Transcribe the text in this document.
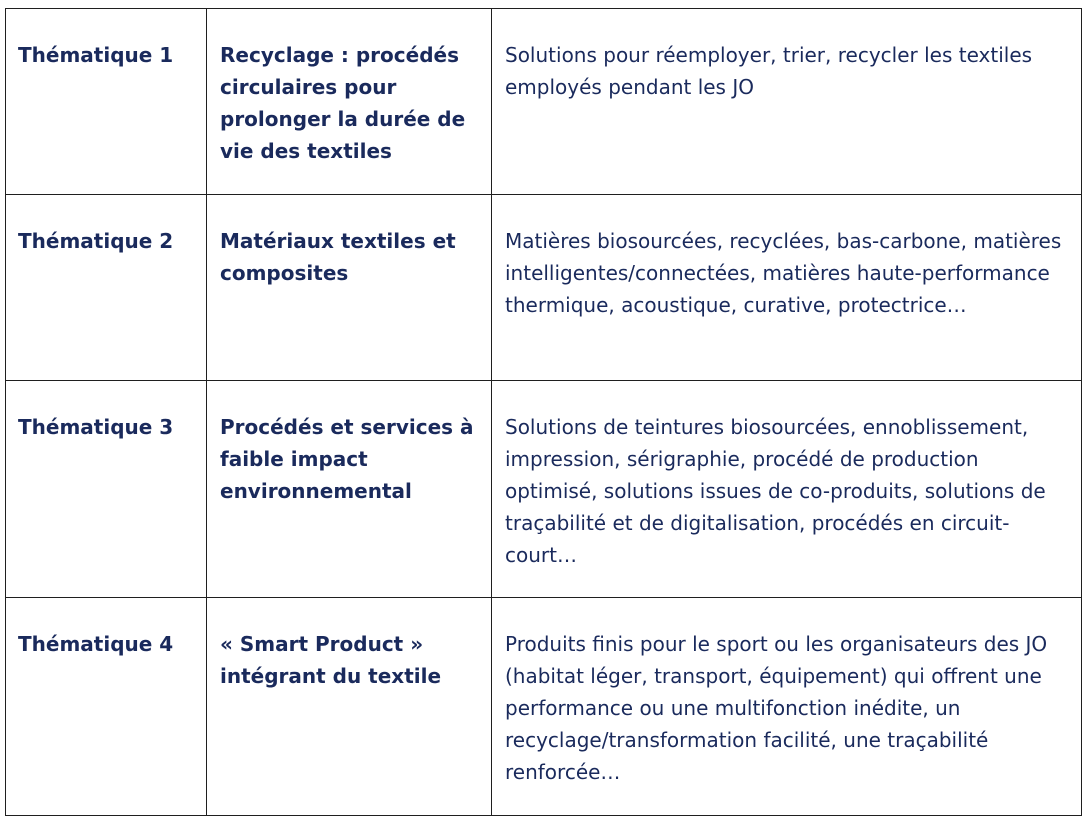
Thématique 1	Recyclage : procédés circulaires pour prolonger la durée de vie des textiles	Solutions pour réemployer, trier, recycler les textiles employés pendant les JO
Thématique 2	Matériaux textiles et composites	Matières biosourcées, recyclées, bas-carbone, matières intelligentes/connectées, matières haute-performance thermique, acoustique, curative, protectrice…
Thématique 3	Procédés et services à faible impact environnemental	Solutions de teintures biosourcées, ennoblissement, impression, sérigraphie, procédé de production optimisé, solutions issues de co-produits, solutions de traçabilité et de digitalisation, procédés en circuit-court…
Thématique 4	« Smart Product » intégrant du textile	Produits finis pour le sport ou les organisateurs des JO (habitat léger, transport, équipement) qui offrent une performance ou une multifonction inédite, un recyclage/transformation facilité, une traçabilité renforcée…
